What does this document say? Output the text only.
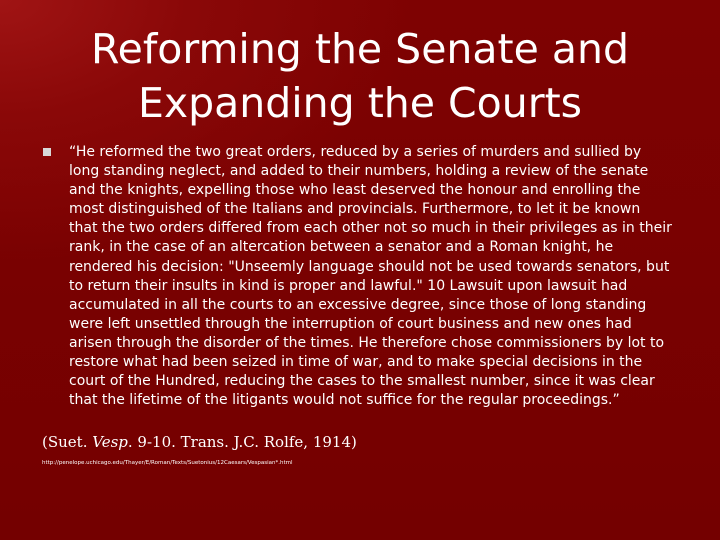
Reforming the Senate and
Expanding the Courts
“He reformed the two great orders, reduced by a series of murders and sullied by
long standing neglect, and added to their numbers, holding a review of the senate
and the knights, expelling those who least deserved the honour and enrolling the
most distinguished of the Italians and provincials. Furthermore, to let it be known
that the two orders differed from each other not so much in their privileges as in their
rank, in the case of an altercation between a senator and a Roman knight, he
rendered his decision: "Unseemly language should not be used towards senators, but
to return their insults in kind is proper and lawful." 10 Lawsuit upon lawsuit had
accumulated in all the courts to an excessive degree, since those of long standing
were left unsettled through the interruption of court business and new ones had
arisen through the disorder of the times. He therefore chose commissioners by lot to
restore what had been seized in time of war, and to make special decisions in the
court of the Hundred, reducing the cases to the smallest number, since it was clear
that the lifetime of the litigants would not suffice for the regular proceedings.”
(Suet. Vesp. 9-10. Trans. J.C. Rolfe, 1914)
http://penelope.uchicago.edu/Thayer/E/Roman/Texts/Suetonius/12Caesars/Vespasian*.html
